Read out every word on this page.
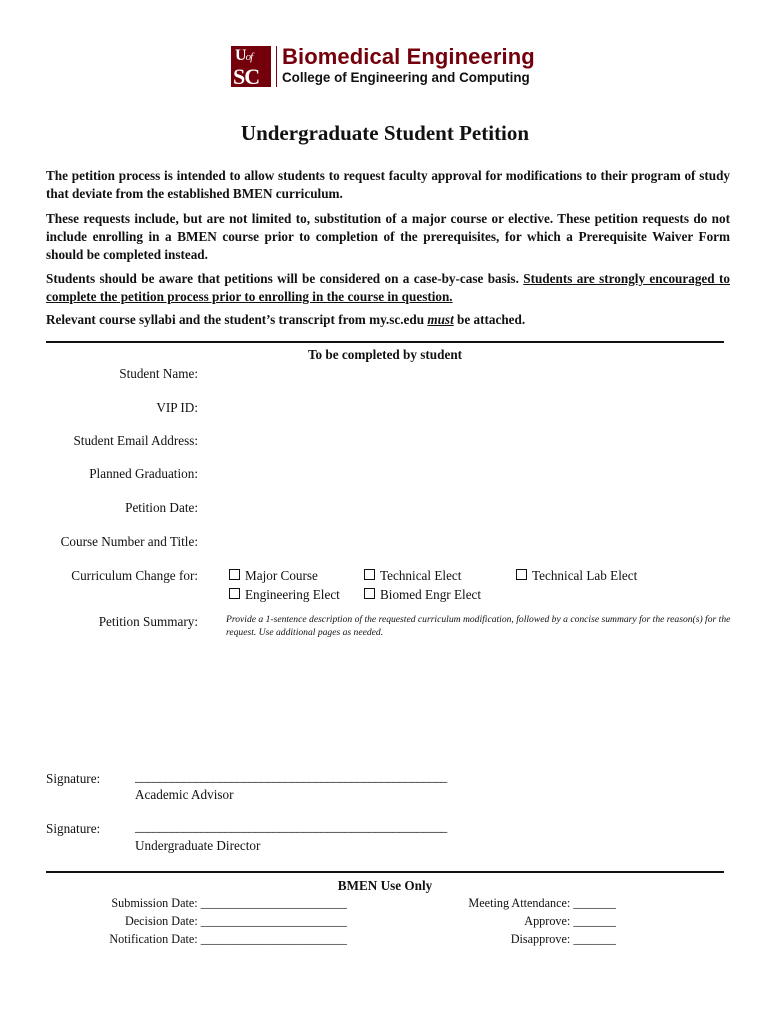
Uof
SC
Biomedical Engineering
College of Engineering and Computing
Undergraduate Student Petition
The petition process is intended to allow students to request faculty approval for modifications to their program of study that deviate from the established BMEN curriculum.
These requests include, but are not limited to, substitution of a major course or elective. These petition requests do not include enrolling in a BMEN course prior to completion of the prerequisites, for which a Prerequisite Waiver Form should be completed instead.
Students should be aware that petitions will be considered on a case-by-case basis. Students are strongly encouraged to complete the petition process prior to enrolling in the course in question.
Relevant course syllabi and the student’s transcript from my.sc.edu must be attached.
To be completed by student
Student Name:
VIP ID:
Student Email Address:
Planned Graduation:
Petition Date:
Course Number and Title:
Curriculum Change for:	Major Course	Technical Elect	Technical Lab Elect
Engineering Elect	Biomed Engr Elect
Petition Summary:	Provide a 1-sentence description of the requested curriculum modification, followed by a concise summary for the reason(s) for the request. Use additional pages as needed.
Signature:	____________________________________________________
Academic Advisor
Signature:	____________________________________________________
Undergraduate Director
BMEN Use Only
Submission Date: ________________________
Decision Date: ________________________
Notification Date: ________________________
Meeting Attendance: _______
Approve: _______
Disapprove: _______
